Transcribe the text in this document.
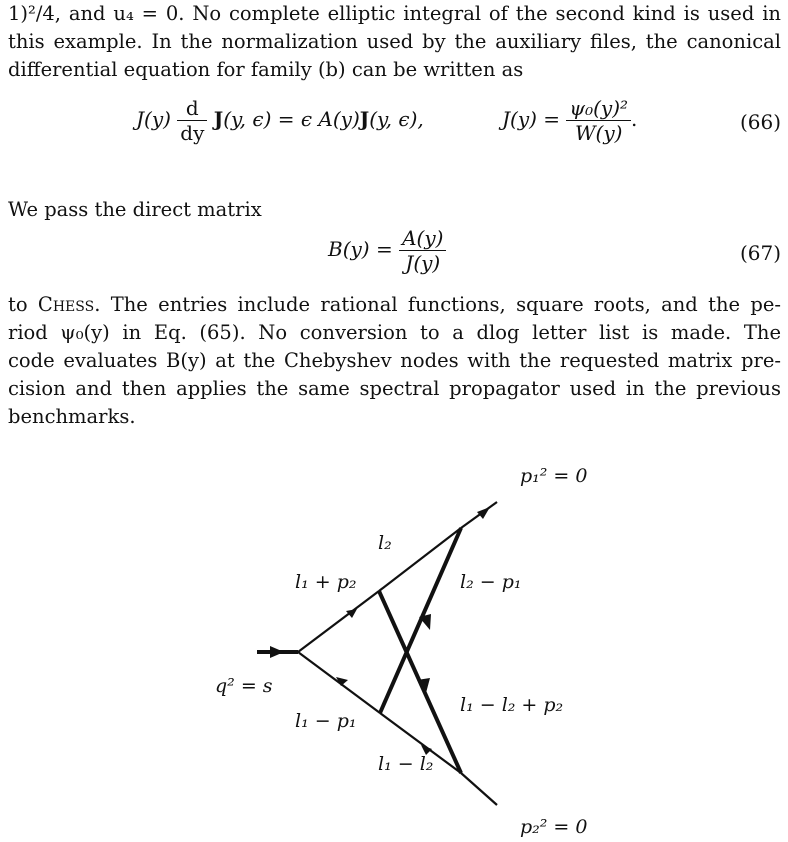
1)²/4, and u₄ = 0. No complete elliptic integral of the second kind is used in
this example. In the normalization used by the auxiliary files, the canonical
differential equation for family (b) can be written as
$J(y) \frac{d}{dy} J(y$, ϵ) = ϵ A(y)J(y, ϵ),	$J(y) = \frac{\text{ψ₀(y)²}}{W(y)}$ .	(66)
We pass the direct matrix
$B(y) = \frac{A(y)}{J(y)}$	(67)
to Chess. The entries include rational functions, square roots, and the pe-
riod ψ₀(y) in Eq. (65). No conversion to a dlog letter list is made. The
code evaluates B(y) at the Chebyshev nodes with the requested matrix pre-
cision and then applies the same spectral propagator used in the previous
benchmarks.
p₁² = 0
l₂
l₁ + p₂	l₂ − p₁
q² = s
l₁ − l₂ + p₂
l₁ − p₁
l₁ − l₂
p₂² = 0
